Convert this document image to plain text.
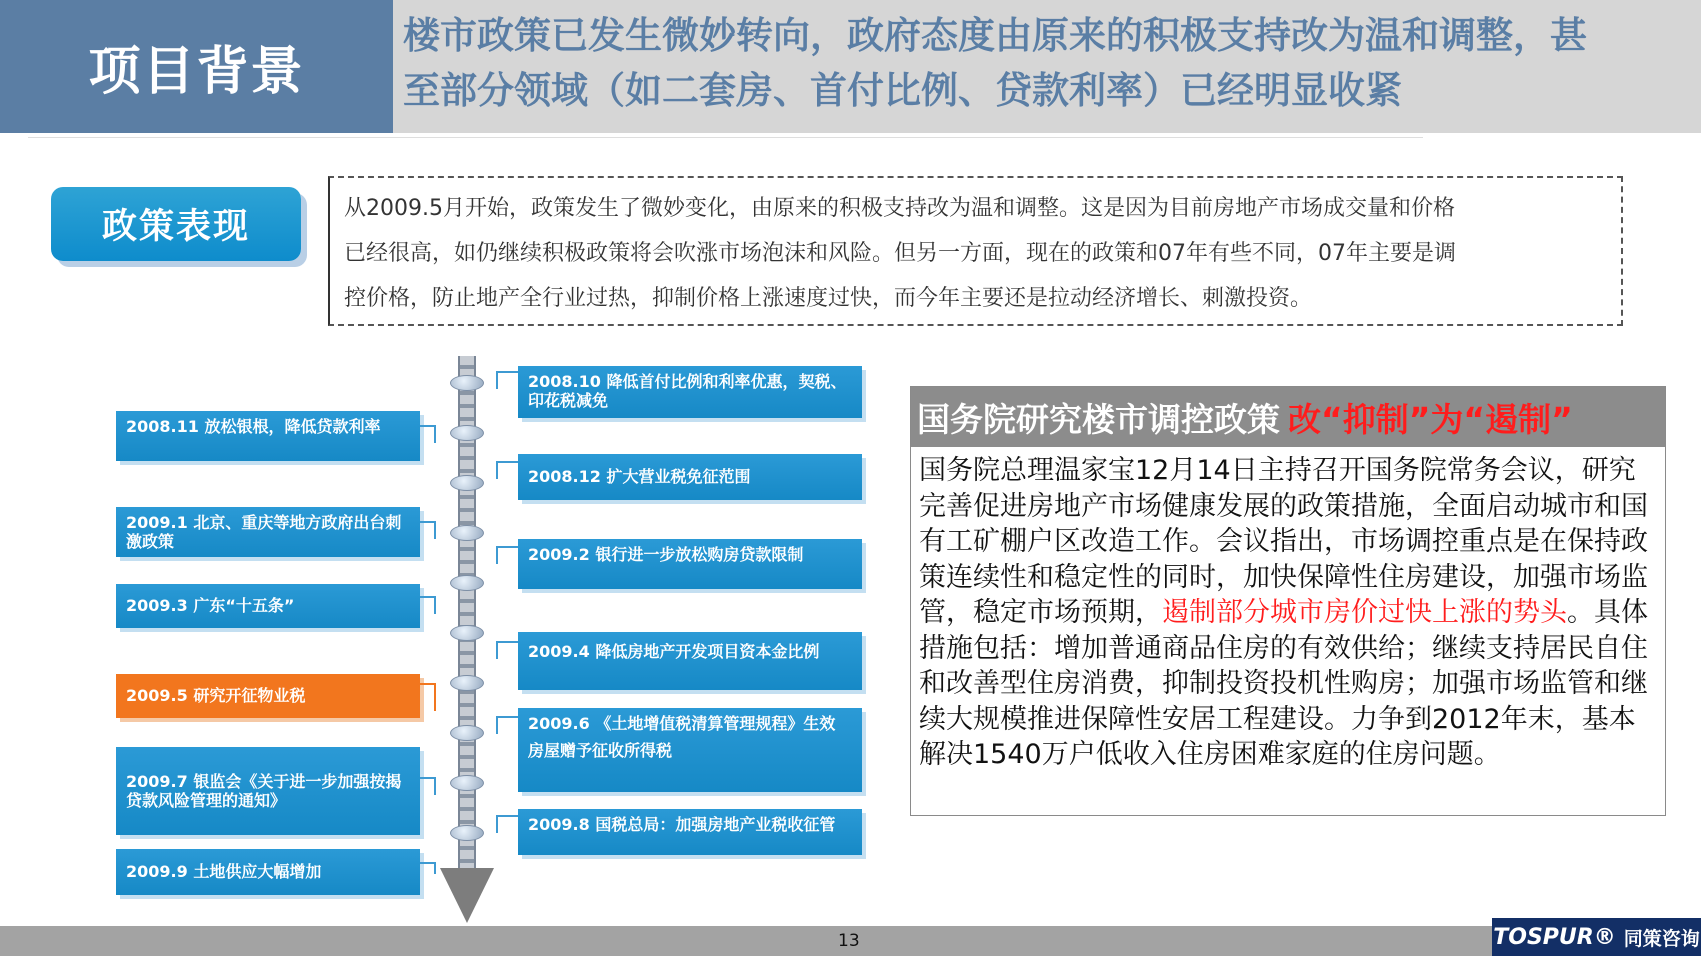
项目背景

楼市政策已发生微妙转向，政府态度由原来的积极支持改为温和调整，甚

至部分领域（如二套房、首付比例、贷款利率）已经明显收紧

政策表现	从2009.5月开始，政策发生了微妙变化，由原来的积极支持改为温和调整。这是因为目前房地产市场成交量和价格

已经很高，如仍继续积极政策将会吹涨市场泡沫和风险。但另一方面，现在的政策和07年有些不同，07年主要是调

控价格，防止地产全行业过热，抑制价格上涨速度过快，而今年主要还是拉动经济增长、刺激投资。

2008.11 放松银根，降低贷款利率
2009.1 北京、重庆等地方政府出台刺激政策
2009.3 广东“十五条”
2009.5 研究开征物业税
2009.7 银监会《关于进一步加强按揭贷款风险管理的通知》
2009.9 土地供应大幅增加
2008.10 降低首付比例和利率优惠，契税、印花税减免
2008.12 扩大营业税免征范围
2009.2 银行进一步放松购房贷款限制
2009.4 降低房地产开发项目资本金比例
2009.6 《土地增值税清算管理规程》生效
房屋赠予征收所得税
2009.8 国税总局：加强房地产业税收征管
国务院研究楼市调控政策 改“抑制”为“遏制”
国务院总理温家宝12月14日主持召开国务院常务会议，研究完善促进房地产市场健康发展的政策措施，全面启动城市和国有工矿棚户区改造工作。会议指出，市场调控重点是在保持政策连续性和稳定性的同时，加快保障性住房建设，加强市场监管，稳定市场预期，遏制部分城市房价过快上涨的势头。具体措施包括：增加普通商品住房的有效供给；继续支持居民自住和改善型住房消费，抑制投资投机性购房；加强市场监管和继续大规模推进保障性安居工程建设。力争到2012年末，基本解决1540万户低收入住房困难家庭的住房问题。
13	TOSPUR® 同策咨询
